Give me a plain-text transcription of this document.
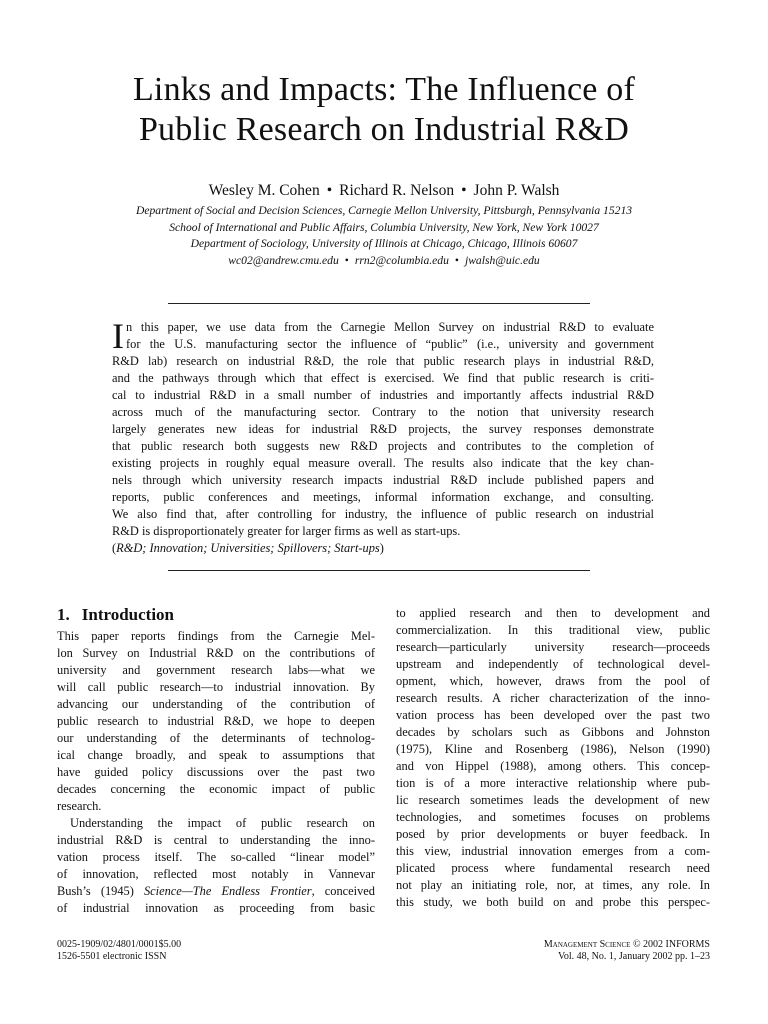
Links and Impacts: The Influence of
Public Research on Industrial R&D
Wesley M. Cohen • Richard R. Nelson • John P. Walsh
Department of Social and Decision Sciences, Carnegie Mellon University, Pittsburgh, Pennsylvania 15213
School of International and Public Affairs, Columbia University, New York, New York 10027
Department of Sociology, University of Illinois at Chicago, Chicago, Illinois 60607
wc02@andrew.cmu.edu • rrn2@columbia.edu • jwalsh@uic.edu
I n this paper, we use data from the Carnegie Mellon Survey on industrial R&D to evaluate
for the U.S. manufacturing sector the influence of “public” (i.e., university and government
R&D lab) research on industrial R&D, the role that public research plays in industrial R&D,
and the pathways through which that effect is exercised. We find that public research is criti-
cal to industrial R&D in a small number of industries and importantly affects industrial R&D
across much of the manufacturing sector. Contrary to the notion that university research
largely generates new ideas for industrial R&D projects, the survey responses demonstrate
that public research both suggests new R&D projects and contributes to the completion of
existing projects in roughly equal measure overall. The results also indicate that the key chan-
nels through which university research impacts industrial R&D include published papers and
reports, public conferences and meetings, informal information exchange, and consulting.
We also find that, after controlling for industry, the influence of public research on industrial
R&D is disproportionately greater for larger firms as well as start-ups.
(R&D; Innovation; Universities; Spillovers; Start-ups)
1. Introduction
This paper reports findings from the Carnegie Mel-
lon Survey on Industrial R&D on the contributions of
university and government research labs—what we
will call public research—to industrial innovation. By
advancing our understanding of the contribution of
public research to industrial R&D, we hope to deepen
our understanding of the determinants of technolog-
ical change broadly, and speak to assumptions that
have guided policy discussions over the past two
decades concerning the economic impact of public
research.
Understanding the impact of public research on
industrial R&D is central to understanding the inno-
vation process itself. The so-called “linear model”
of innovation, reflected most notably in Vannevar
Bush’s (1945) Science—The Endless Frontier, conceived
of industrial innovation as proceeding from basic
to applied research and then to development and
commercialization. In this traditional view, public
research—particularly university research—proceeds
upstream and independently of technological devel-
opment, which, however, draws from the pool of
research results. A richer characterization of the inno-
vation process has been developed over the past two
decades by scholars such as Gibbons and Johnston
(1975), Kline and Rosenberg (1986), Nelson (1990)
and von Hippel (1988), among others. This concep-
tion is of a more interactive relationship where pub-
lic research sometimes leads the development of new
technologies, and sometimes focuses on problems
posed by prior developments or buyer feedback. In
this view, industrial innovation emerges from a com-
plicated process where fundamental research need
not play an initiating role, nor, at times, any role. In
this study, we both build on and probe this perspec-
0025-1909/02/4801/0001$5.00
1526-5501 electronic ISSN
Management Science © 2002 INFORMS
Vol. 48, No. 1, January 2002 pp. 1–23
